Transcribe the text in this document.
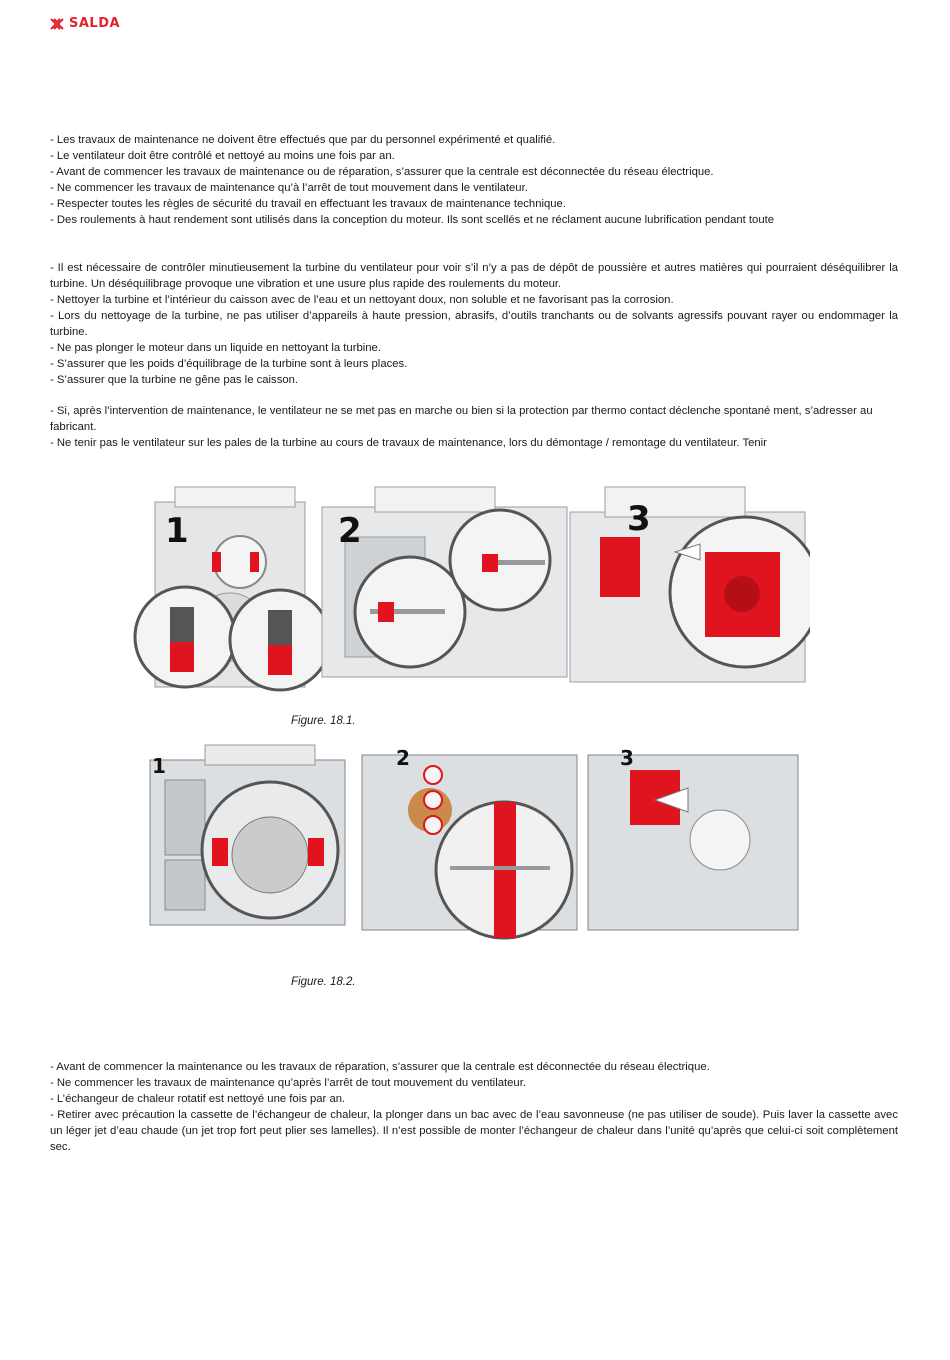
SALDA

- Les travaux de maintenance ne doivent être effectués que par du personnel expérimenté et qualifié.

- Le ventilateur doit être contrôlé et nettoyé au moins une fois par an.

- Avant de commencer les travaux de maintenance ou de réparation, s’assurer que la centrale est déconnectée du réseau électrique.

- Ne commencer les travaux de maintenance qu’à l’arrêt de tout mouvement dans le ventilateur.

- Respecter toutes les règles de sécurité du travail en effectuant les travaux de maintenance technique.

- Des roulements à haut rendement sont utilisés dans la conception du moteur. Ils sont scellés et ne réclament aucune lubrification pendant toute

- Il est nécessaire de contrôler minutieusement la turbine du ventilateur pour voir s’il n’y a pas de dépôt de poussière et autres matières qui pourraient déséquilibrer la turbine. Un déséquilibrage provoque une vibration et une usure plus rapide des roulements du moteur.

- Nettoyer la turbine et l’intérieur du caisson avec de l’eau et un nettoyant doux, non soluble et ne favorisant pas la corrosion.

- Lors du nettoyage de la turbine, ne pas utiliser d’appareils à haute pression, abrasifs, d’outils tranchants ou de solvants agressifs pouvant rayer ou endommager la turbine.

- Ne pas plonger le moteur dans un liquide en nettoyant la turbine.

- S’assurer que les poids d’équilibrage de la turbine sont à leurs places.

- S’assurer que la turbine ne gêne pas le caisson.

- Si, après l’intervention de maintenance, le ventilateur ne se met pas en marche ou bien si la protection par thermo contact déclenche spontané ment, s’adresser au fabricant.

- Ne tenir pas le ventilateur sur les pales de la turbine au cours de travaux de maintenance, lors du démontage / remontage du ventilateur. Tenir

1	2	3
Figure. 18.1.
1	2	3
Figure. 18.2.

- Avant de commencer la maintenance ou les travaux de réparation, s’assurer que la centrale est déconnectée du réseau électrique.

- Ne commencer les travaux de maintenance qu’après l’arrêt de tout mouvement du ventilateur.

- L’échangeur de chaleur rotatif est nettoyé une fois par an.

- Retirer avec précaution la cassette de l’échangeur de chaleur, la plonger dans un bac avec de l’eau savonneuse (ne pas utiliser de soude). Puis laver la cassette avec un léger jet d’eau chaude (un jet trop fort peut plier ses lamelles). Il n’est possible de monter l’échangeur de chaleur dans l’unité qu’après que celui-ci soit complètement sec.
